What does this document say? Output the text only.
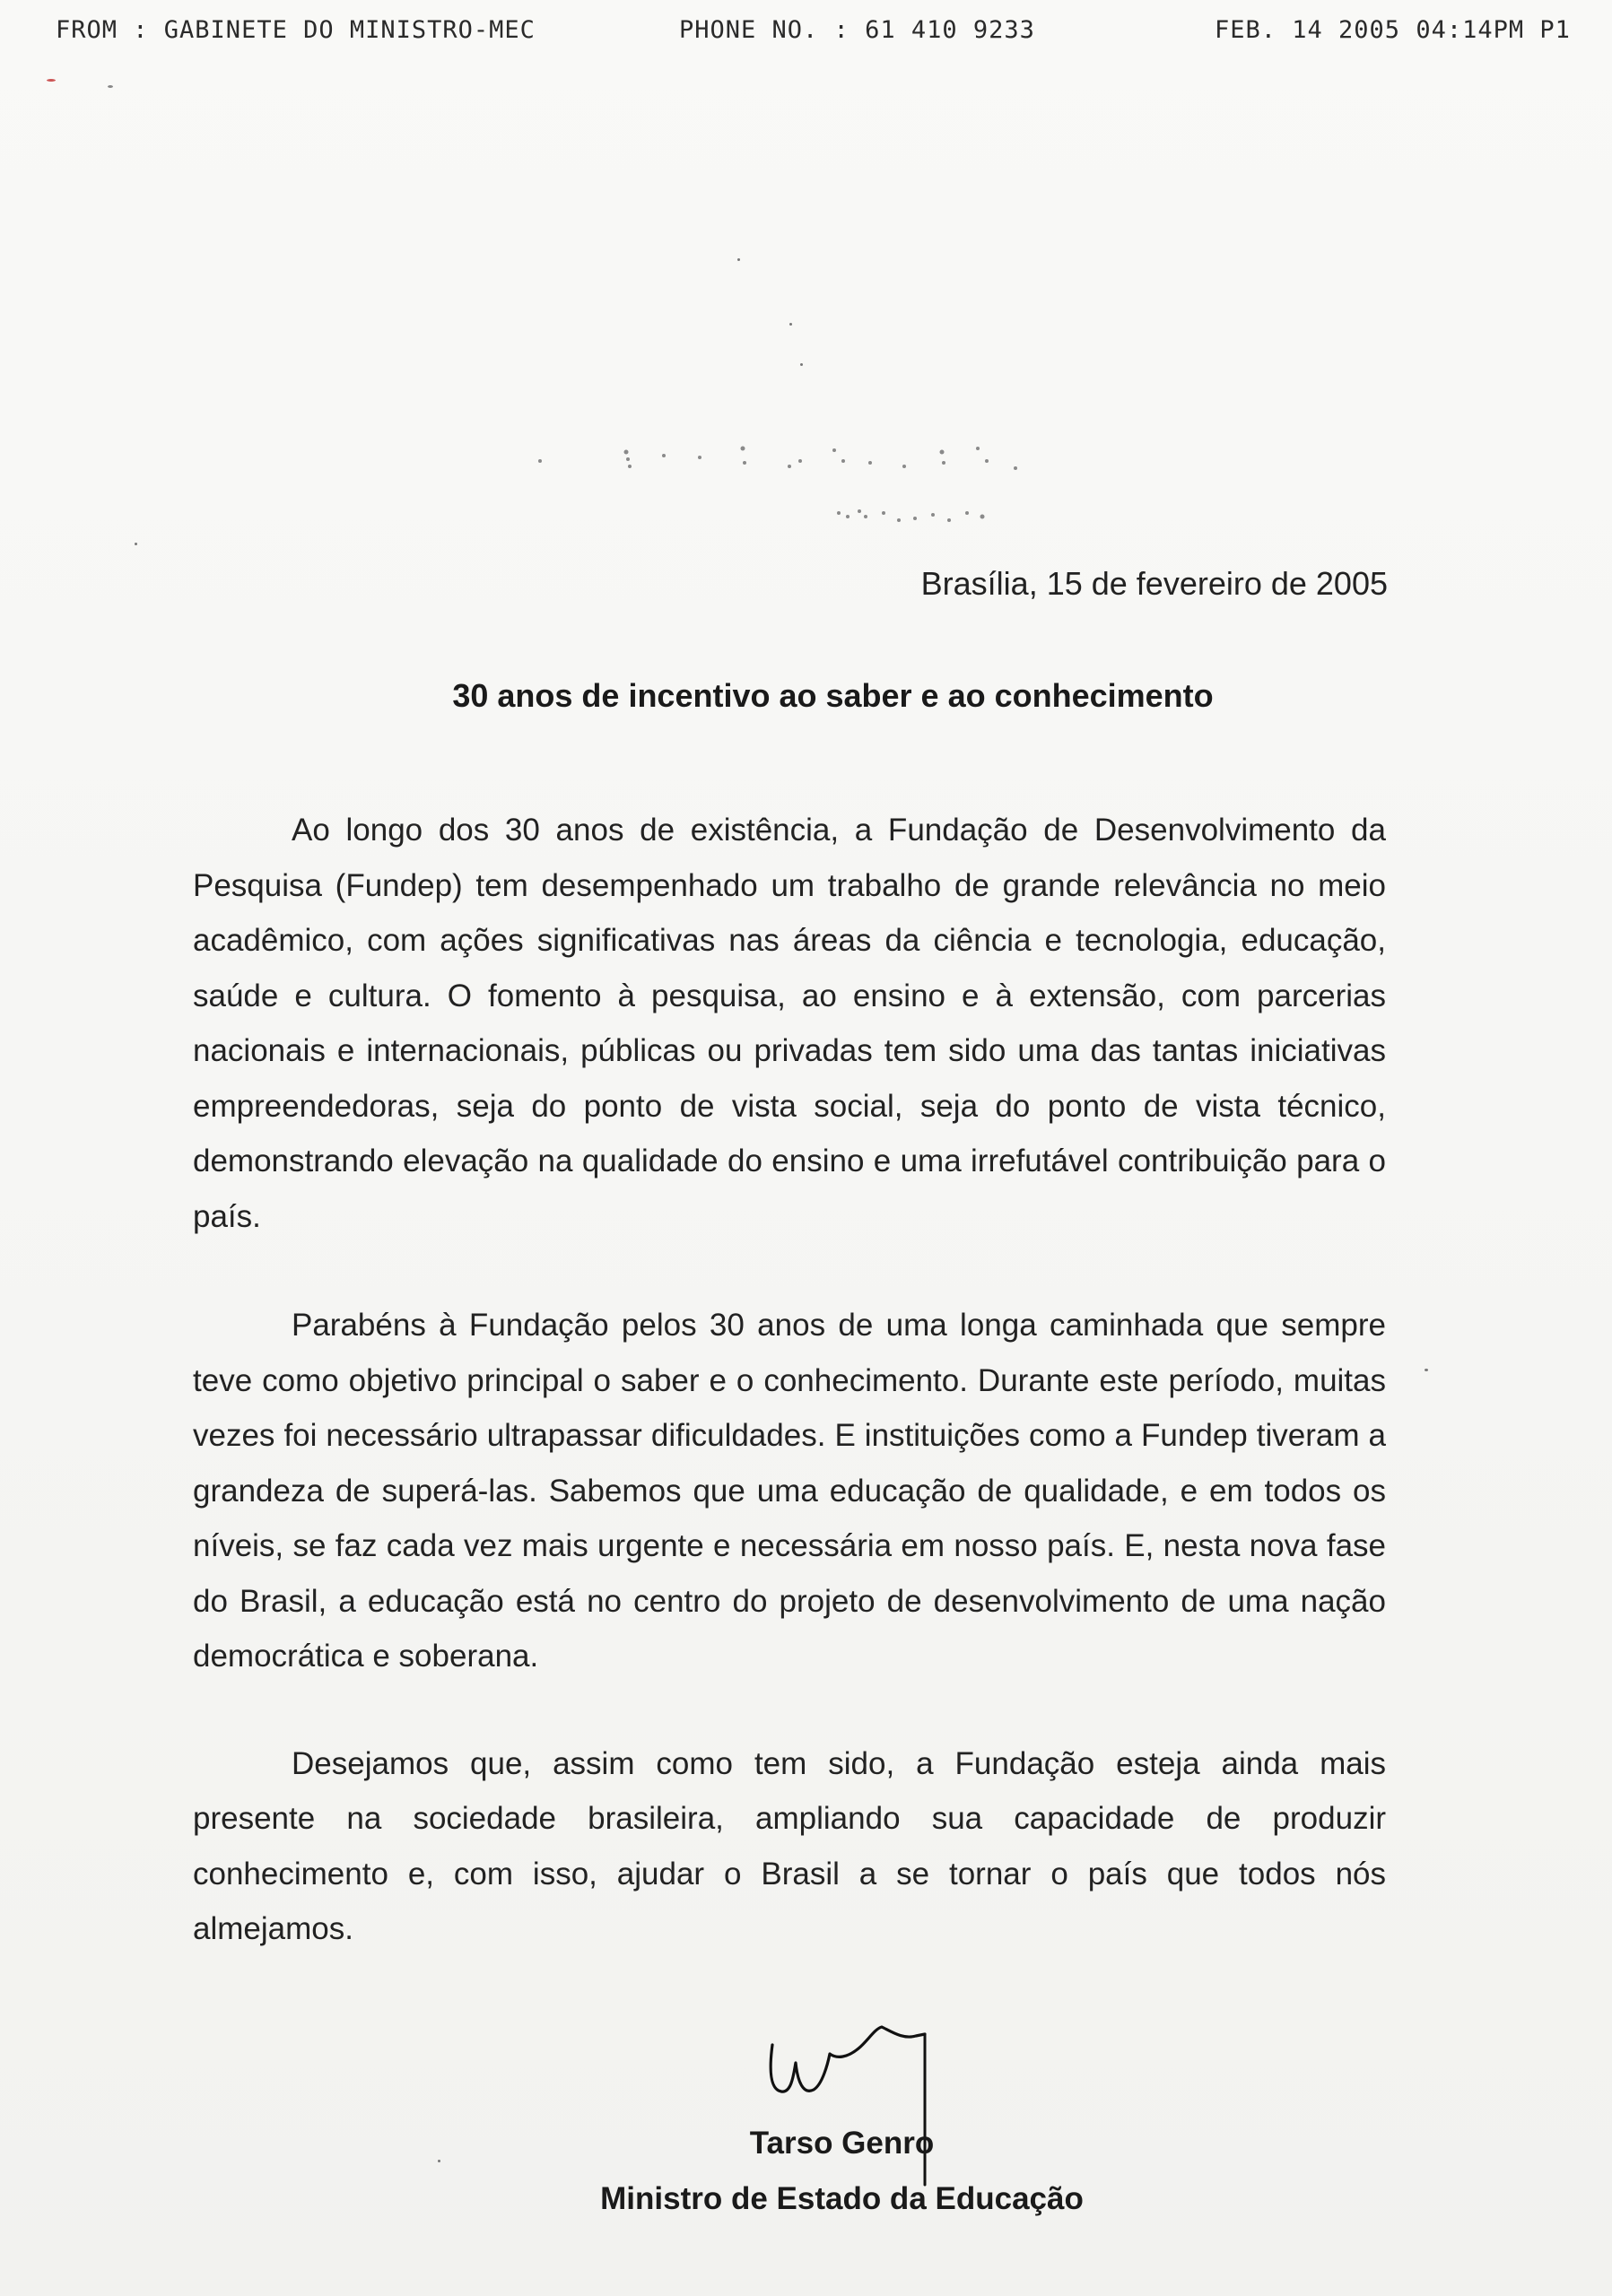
FROM : GABINETE DO MINISTRO-MEC	PHONE NO. : 61 410 9233	FEB. 14 2005 04:14PM P1
Brasília, 15 de fevereiro de 2005
30 anos de incentivo ao saber e ao conhecimento

Ao longo dos 30 anos de existência, a Fundação de Desenvolvimento da Pesquisa (Fundep) tem desempenhado um trabalho de grande relevância no meio acadêmico, com ações significativas nas áreas da ciência e tecnologia, educação, saúde e cultura. O fomento à pesquisa, ao ensino e à extensão, com parcerias nacionais e internacionais, públicas ou privadas tem sido uma das tantas iniciativas empreendedoras, seja do ponto de vista social, seja do ponto de vista técnico, demonstrando elevação na qualidade do ensino e uma irrefutável contribuição para o país.

Parabéns à Fundação pelos 30 anos de uma longa caminhada que sempre teve como objetivo principal o saber e o conhecimento. Durante este período, muitas vezes foi necessário ultrapassar dificuldades. E instituições como a Fundep tiveram a grandeza de superá-las. Sabemos que uma educação de qualidade, e em todos os níveis, se faz cada vez mais urgente e necessária em nosso país. E, nesta nova fase do Brasil, a educação está no centro do projeto de desenvolvimento de uma nação democrática e soberana.

Desejamos que, assim como tem sido, a Fundação esteja ainda mais presente na sociedade brasileira, ampliando sua capacidade de produzir conhecimento e, com isso, ajudar o Brasil a se tornar o país que todos nós almejamos.

Tarso Genro
Ministro de Estado da Educação
